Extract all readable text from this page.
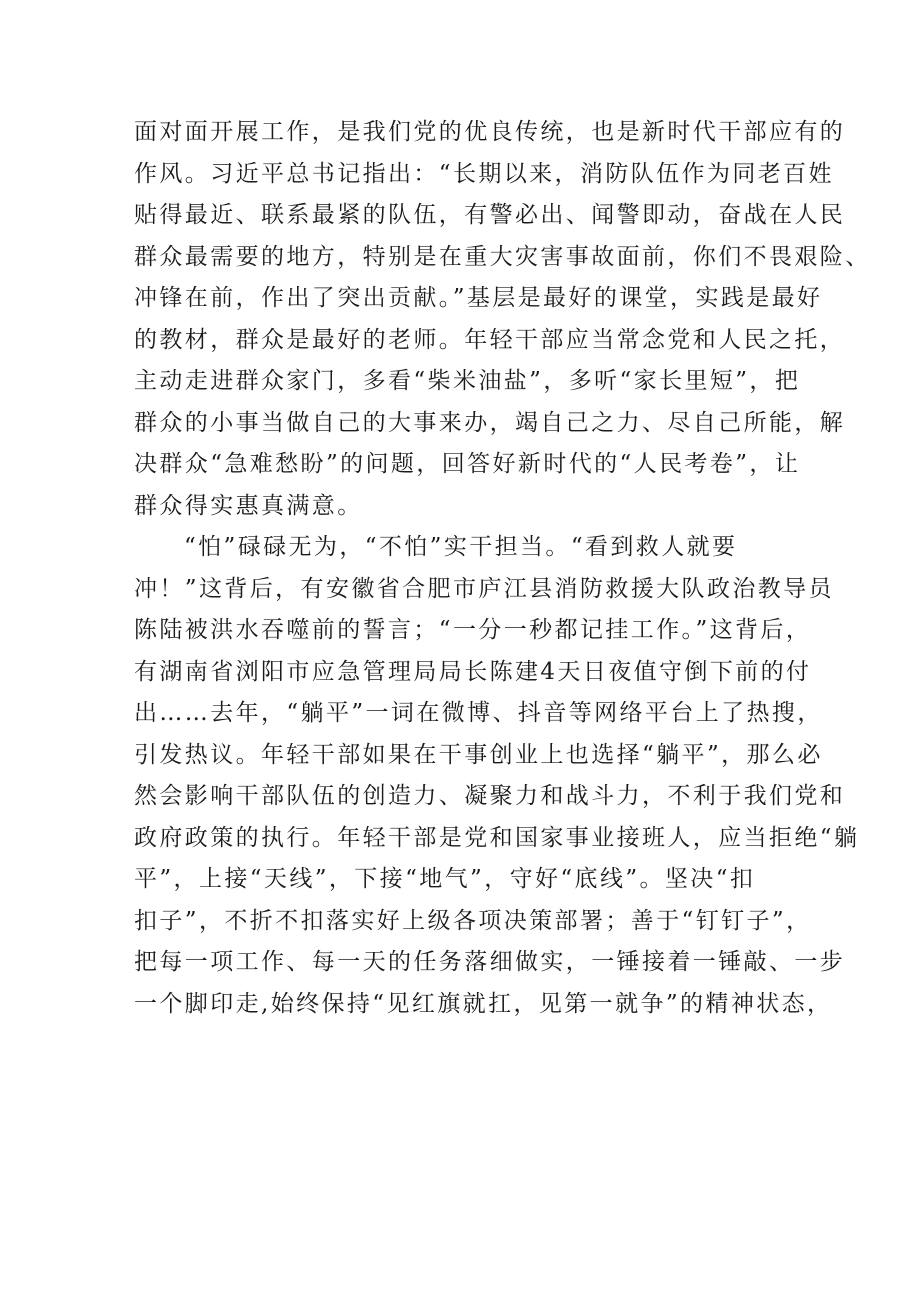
面对面开展工作，是我们党的优良传统，也是新时代干部应有的
作风。习近平总书记指出：“长期以来，消防队伍作为同老百姓
贴得最近、联系最紧的队伍，有警必出、闻警即动，奋战在人民
群众最需要的地方，特别是在重大灾害事故面前，你们不畏艰险、
冲锋在前，作出了突出贡献。”基层是最好的课堂，实践是最好
的教材，群众是最好的老师。年轻干部应当常念党和人民之托，
主动走进群众家门，多看“柴米油盐”，多听“家长里短”，把
群众的小事当做自己的大事来办，竭自己之力、尽自己所能，解
决群众“急难愁盼”的问题，回答好新时代的“人民考卷”，让
群众得实惠真满意。
“怕”碌碌无为，“不怕”实干担当。“看到救人就要
冲！”这背后，有安徽省合肥市庐江县消防救援大队政治教导员
陈陆被洪水吞噬前的誓言；“一分一秒都记挂工作。”这背后，
有湖南省浏阳市应急管理局局长陈建4天日夜值守倒下前的付
出……去年，“躺平”一词在微博、抖音等网络平台上了热搜，
引发热议。年轻干部如果在干事创业上也选择“躺平”，那么必
然会影响干部队伍的创造力、凝聚力和战斗力，不利于我们党和
政府政策的执行。年轻干部是党和国家事业接班人，应当拒绝“躺
平”，上接“天线”，下接“地气”，守好“底线”。坚决“扣
扣子”，不折不扣落实好上级各项决策部署；善于“钉钉子”，
把每一项工作、每一天的任务落细做实，一锤接着一锤敲、一步
一个脚印走,始终保持“见红旗就扛，见第一就争”的精神状态，
